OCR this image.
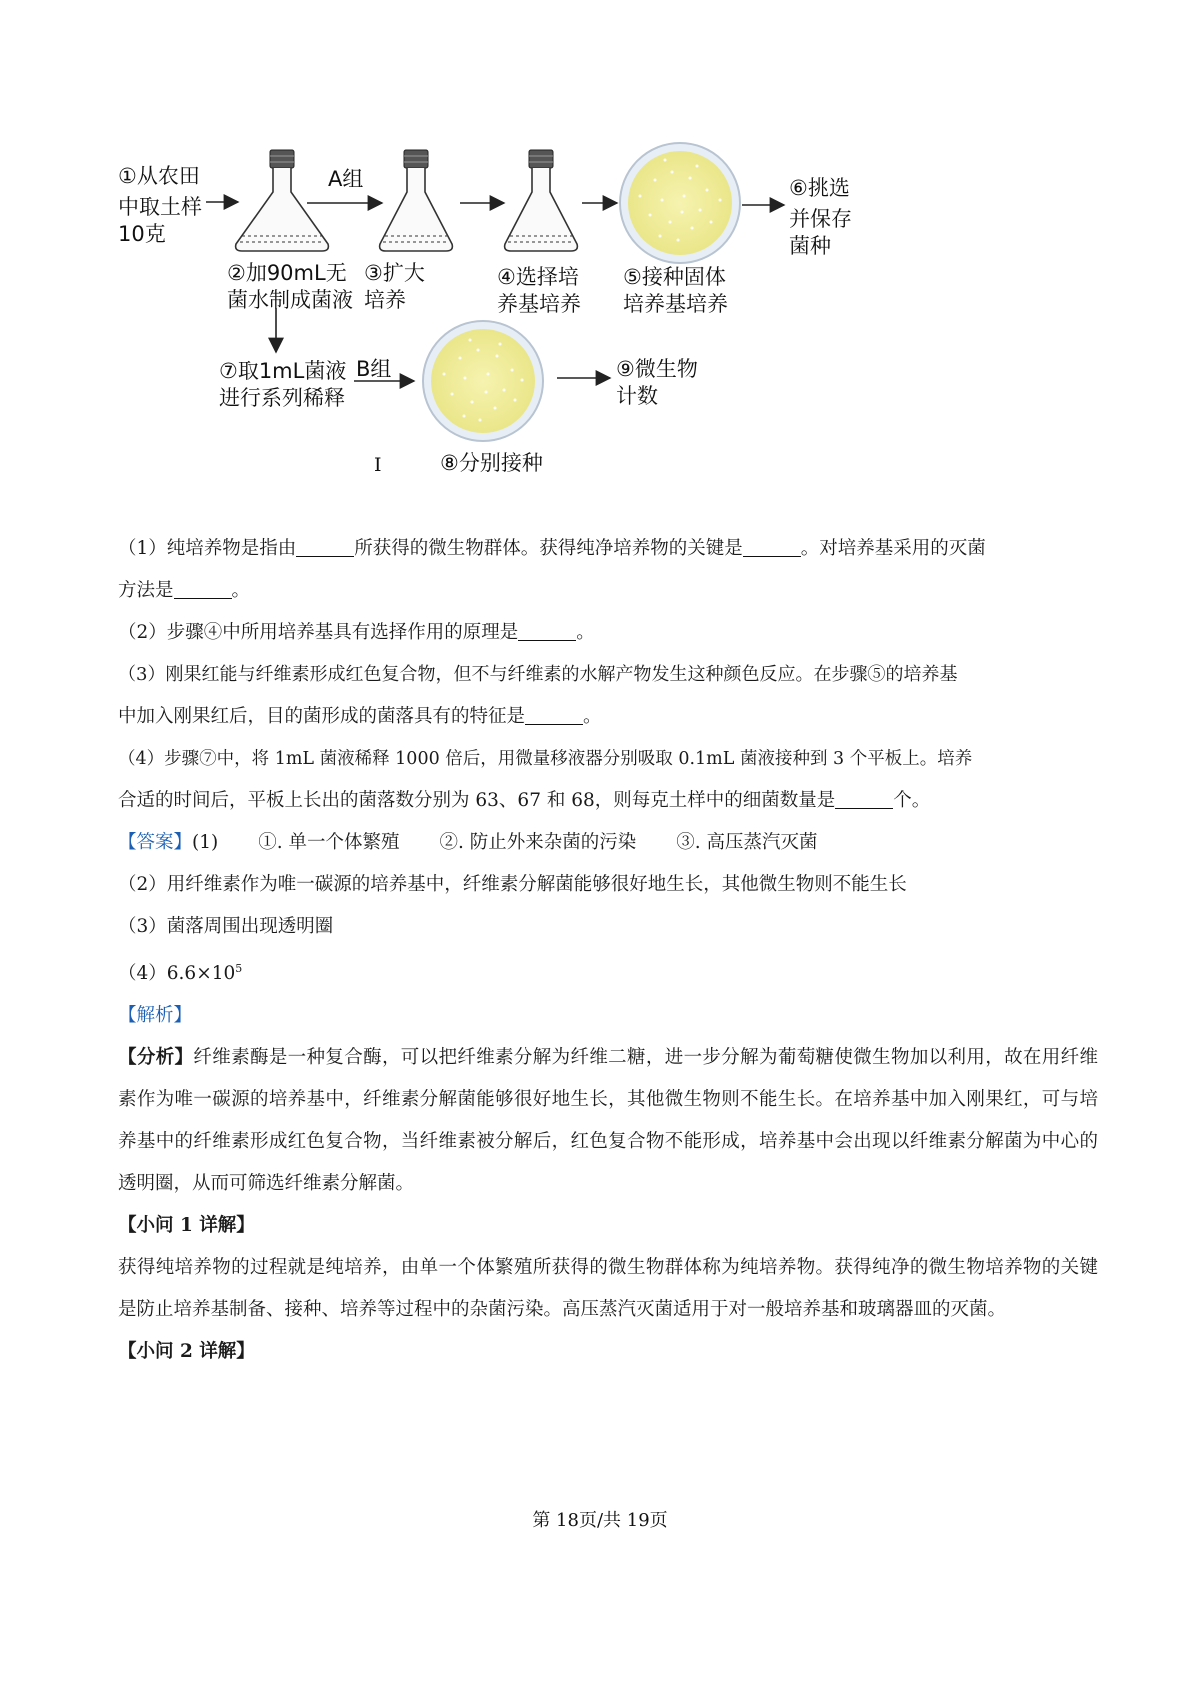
①从农田
中取土样
10克
A组
②加90mL无
菌水制成菌液
③扩大
培养
④选择培
养基培养
⑤接种固体
培养基培养
⑥挑选
并保存
菌种
⑦取1mL菌液
进行系列稀释
B组	⑨微生物
计数
I	⑧分别接种

（1）纯培养物是指由	所获得的微生物群体。获得纯净培养物的关键是	。对培养基采用的灭菌

方法是	。

（2）步骤④中所用培养基具有选择作用的原理是	。

（3）刚果红能与纤维素形成红色复合物，但不与纤维素的水解产物发生这种颜色反应。在步骤⑤的培养基

中加入刚果红后，目的菌形成的菌落具有的特征是	。

（4）步骤⑦中，将 1mL 菌液稀释 1000 倍后，用微量移液器分别吸取 0.1mL 菌液接种到 3 个平板上。培养

合适的时间后，平板上长出的菌落数分别为 63、67 和 68，则每克土样中的细菌数量是	个。

【答案】(1) ①. 单一个体繁殖 ②. 防止外来杂菌的污染 ③. 高压蒸汽灭菌

（2）用纤维素作为唯一碳源的培养基中，纤维素分解菌能够很好地生长，其他微生物则不能生长

（3）菌落周围出现透明圈

$(4)6.6\times 10^5$

【解析】

【分析】纤维素酶是一种复合酶，可以把纤维素分解为纤维二糖，进一步分解为葡萄糖使微生物加以利用，故在用纤维素作为唯一碳源的培养基中，纤维素分解菌能够很好地生长，其他微生物则不能生长。在培养基中加入刚果红，可与培养基中的纤维素形成红色复合物，当纤维素被分解后，红色复合物不能形成，培养基中会出现以纤维素分解菌为中心的透明圈，从而可筛选纤维素分解菌。

【小问 1 详解】

获得纯培养物的过程就是纯培养，由单一个体繁殖所获得的微生物群体称为纯培养物。获得纯净的微生物培养物的关键是防止培养基制备、接种、培养等过程中的杂菌污染。高压蒸汽灭菌适用于对一般培养基和玻璃器皿的灭菌。

【小问 2 详解】

第 18页/共 19页
